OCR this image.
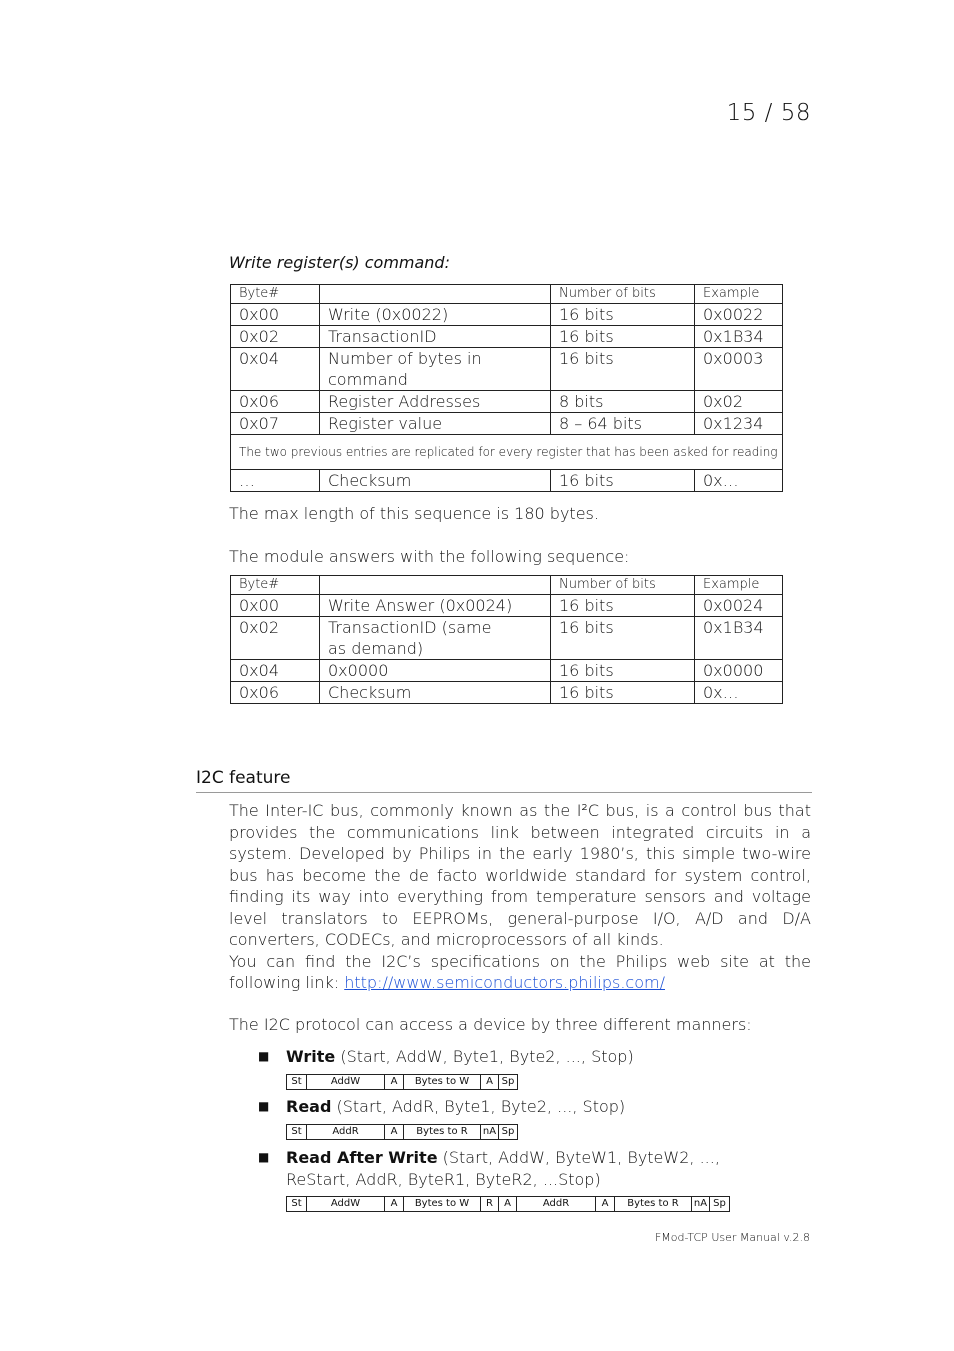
15 / 58
Write register(s) command:
Byte#		Number of bits	Example
0x00	Write (0x0022)	16 bits	0x0022
0x02	TransactionID	16 bits	0x1B34
0x04	Number of bytes in command	16 bits	0x0003
0x06	Register Addresses	8 bits	0x02
0x07	Register value	8 – 64 bits	0x1234
The two previous entries are replicated for every register that has been asked for reading			
…	Checksum	16 bits	0x…
The max length of this sequence is 180 bytes.
The module answers with the following sequence:
Byte#		Number of bits	Example
0x00	Write Answer (0x0024)	16 bits	0x0024
0x02	TransactionID (same as demand)	16 bits	0x1B34
0x04	0x0000	16 bits	0x0000
0x06	Checksum	16 bits	0x…
I2C feature
The Inter-IC bus, commonly known as the I²C bus, is a control bus that provides the communications link between integrated circuits in a system. Developed by Philips in the early 1980’s, this simple two-wire bus has become the de facto worldwide standard for system control, finding its way into everything from temperature sensors and voltage level translators to EEPROMs, general-purpose I/O, A/D and D/A converters, CODECs, and microprocessors of all kinds.
You can find the I2C’s specifications on the Philips web site at the following link: http://www.semiconductors.philips.com/
The I2C protocol can access a device by three different manners:
■ Write (Start, AddW, Byte1, Byte2, ..., Stop)
St	AddW	A	Bytes to W	A Sp
■ Read (Start, AddR, Byte1, Byte2, ..., Stop)
St	AddR	A	Bytes to R	nA Sp
■ Read After Write (Start, AddW, ByteW1, ByteW2, ..., ReStart, AddR, ByteR1, ByteR2, ...Stop)
St	AddW	A	Bytes to W	R	A	AddR	A	Bytes to R	nA Sp
FMod-TCP User Manual v.2.8
